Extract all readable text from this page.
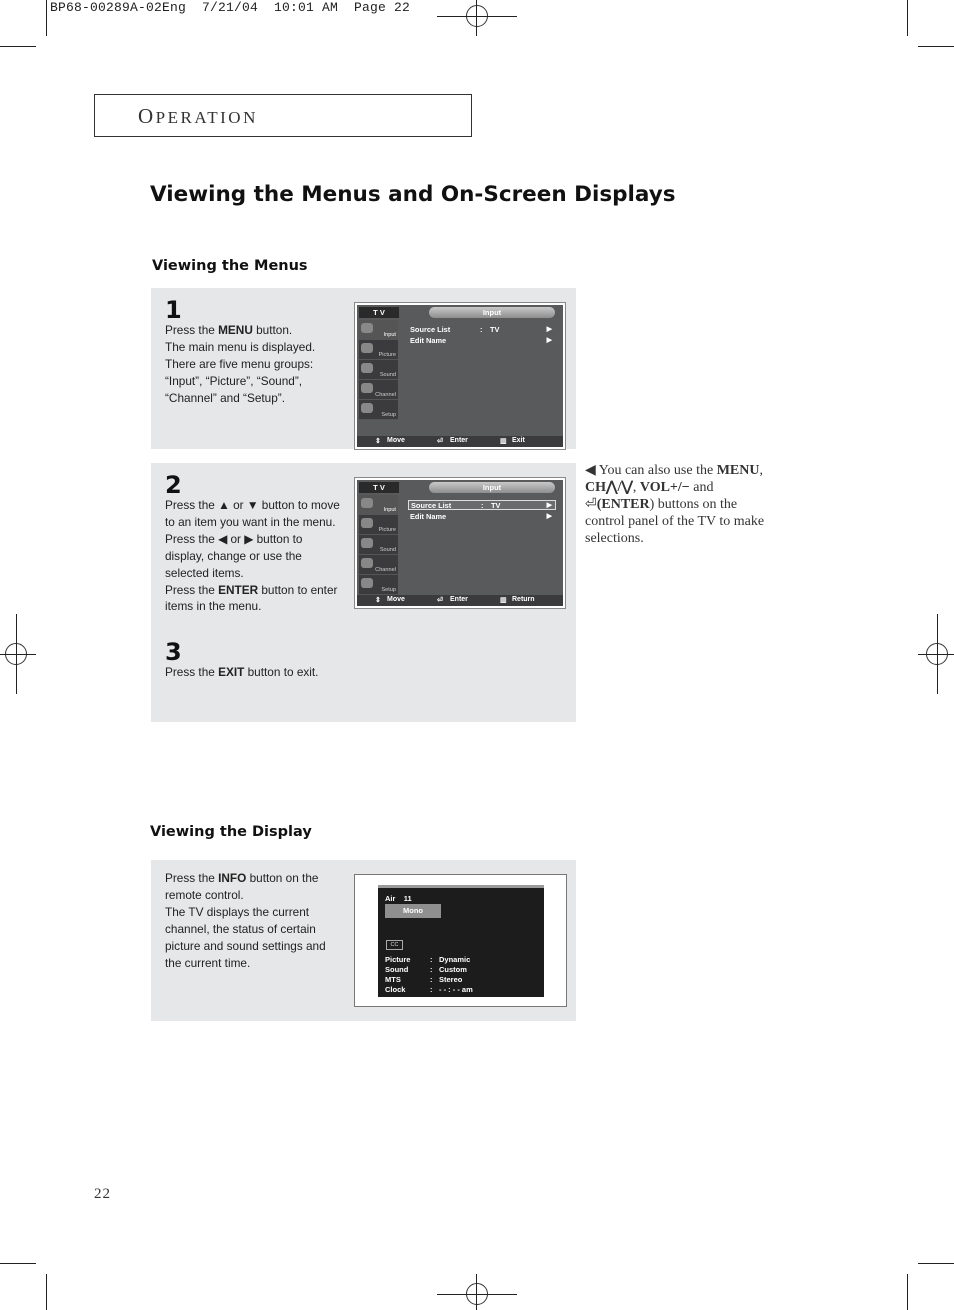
BP68-00289A-02Eng  7/21/04  10:01 AM  Page 22
OPERATION
Viewing the Menus and On-Screen Displays
Viewing the Menus
1
Press the MENU button.
The main menu is displayed.
There are five menu groups:
“Input”, “Picture”, “Sound”,
“Channel” and “Setup”.
T V	Input
Input
Picture
Sound
Channel
Setup
Source List	: TV	▶
Edit Name	▶
⇕ Move	⏎ Enter	▥ Exit
2
Press the ▲ or ▼ button to move
to an item you want in the menu.
Press the ◀ or ▶ button to
display, change or use the
selected items.
Press the ENTER button to enter
items in the menu.
T V	Input
Input
Picture
Sound
Channel
Setup
Source List	: TV	▶
Edit Name	▶
⇕ Move	⏎ Enter	▥ Return
3
Press the EXIT button to exit.
◀ You can also use the MENU,
CH⋀/⋁, VOL+/− and
⏎(ENTER) buttons on the
control panel of the TV to make
selections.
Viewing the Display
Press the INFO button on the
remote control.
The TV displays the current
channel, the status of certain
picture and sound settings and
the current time.
Air 11
Mono
CC
Picture	: Dynamic
Sound	: Custom
MTS	: Stereo
Clock	: - - : - - am
22
